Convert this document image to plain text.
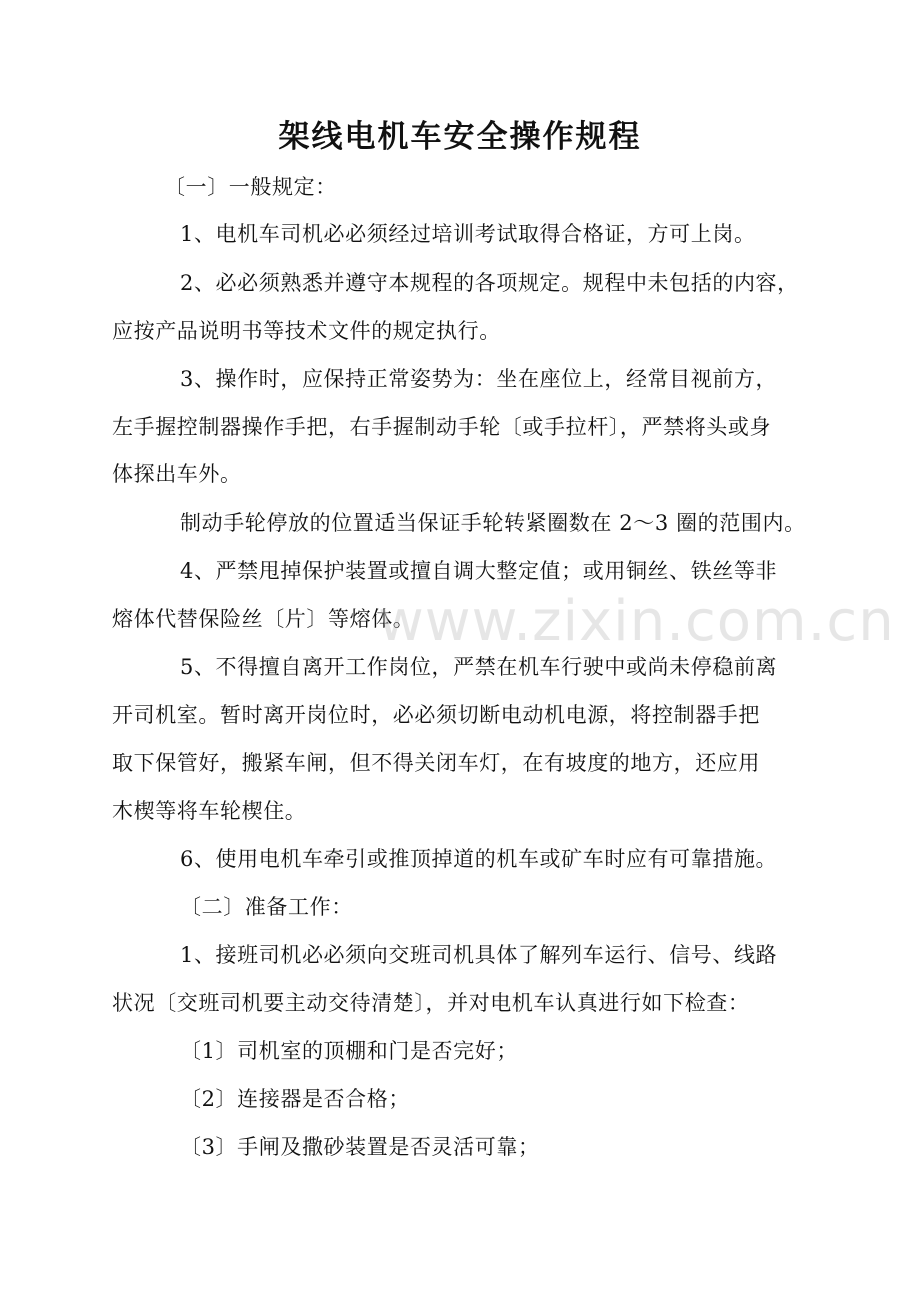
架线电机车安全操作规程
〔一〕一般规定：
1、电机车司机必必须经过培训考试取得合格证，方可上岗。
2、必必须熟悉并遵守本规程的各项规定。规程中未包括的内容，
应按产品说明书等技术文件的规定执行。
3、操作时，应保持正常姿势为：坐在座位上，经常目视前方，
左手握控制器操作手把，右手握制动手轮〔或手拉杆〕，严禁将头或身
体探出车外。
制动手轮停放的位置适当保证手轮转紧圈数在 2～3 圈的范围内。
4、严禁甩掉保护装置或擅自调大整定值；或用铜丝、铁丝等非
熔体代替保险丝〔片〕等熔体。
5、不得擅自离开工作岗位，严禁在机车行驶中或尚未停稳前离
开司机室。暂时离开岗位时，必必须切断电动机电源，将控制器手把
取下保管好，搬紧车闸，但不得关闭车灯，在有坡度的地方，还应用
木楔等将车轮楔住。
6、使用电机车牵引或推顶掉道的机车或矿车时应有可靠措施。
〔二〕准备工作：
1、接班司机必必须向交班司机具体了解列车运行、信号、线路
状况〔交班司机要主动交待清楚〕，并对电机车认真进行如下检查：
〔1〕司机室的顶棚和门是否完好；
〔2〕连接器是否合格；
〔3〕手闸及撒砂装置是否灵活可靠；
www.zixin.com.cn
